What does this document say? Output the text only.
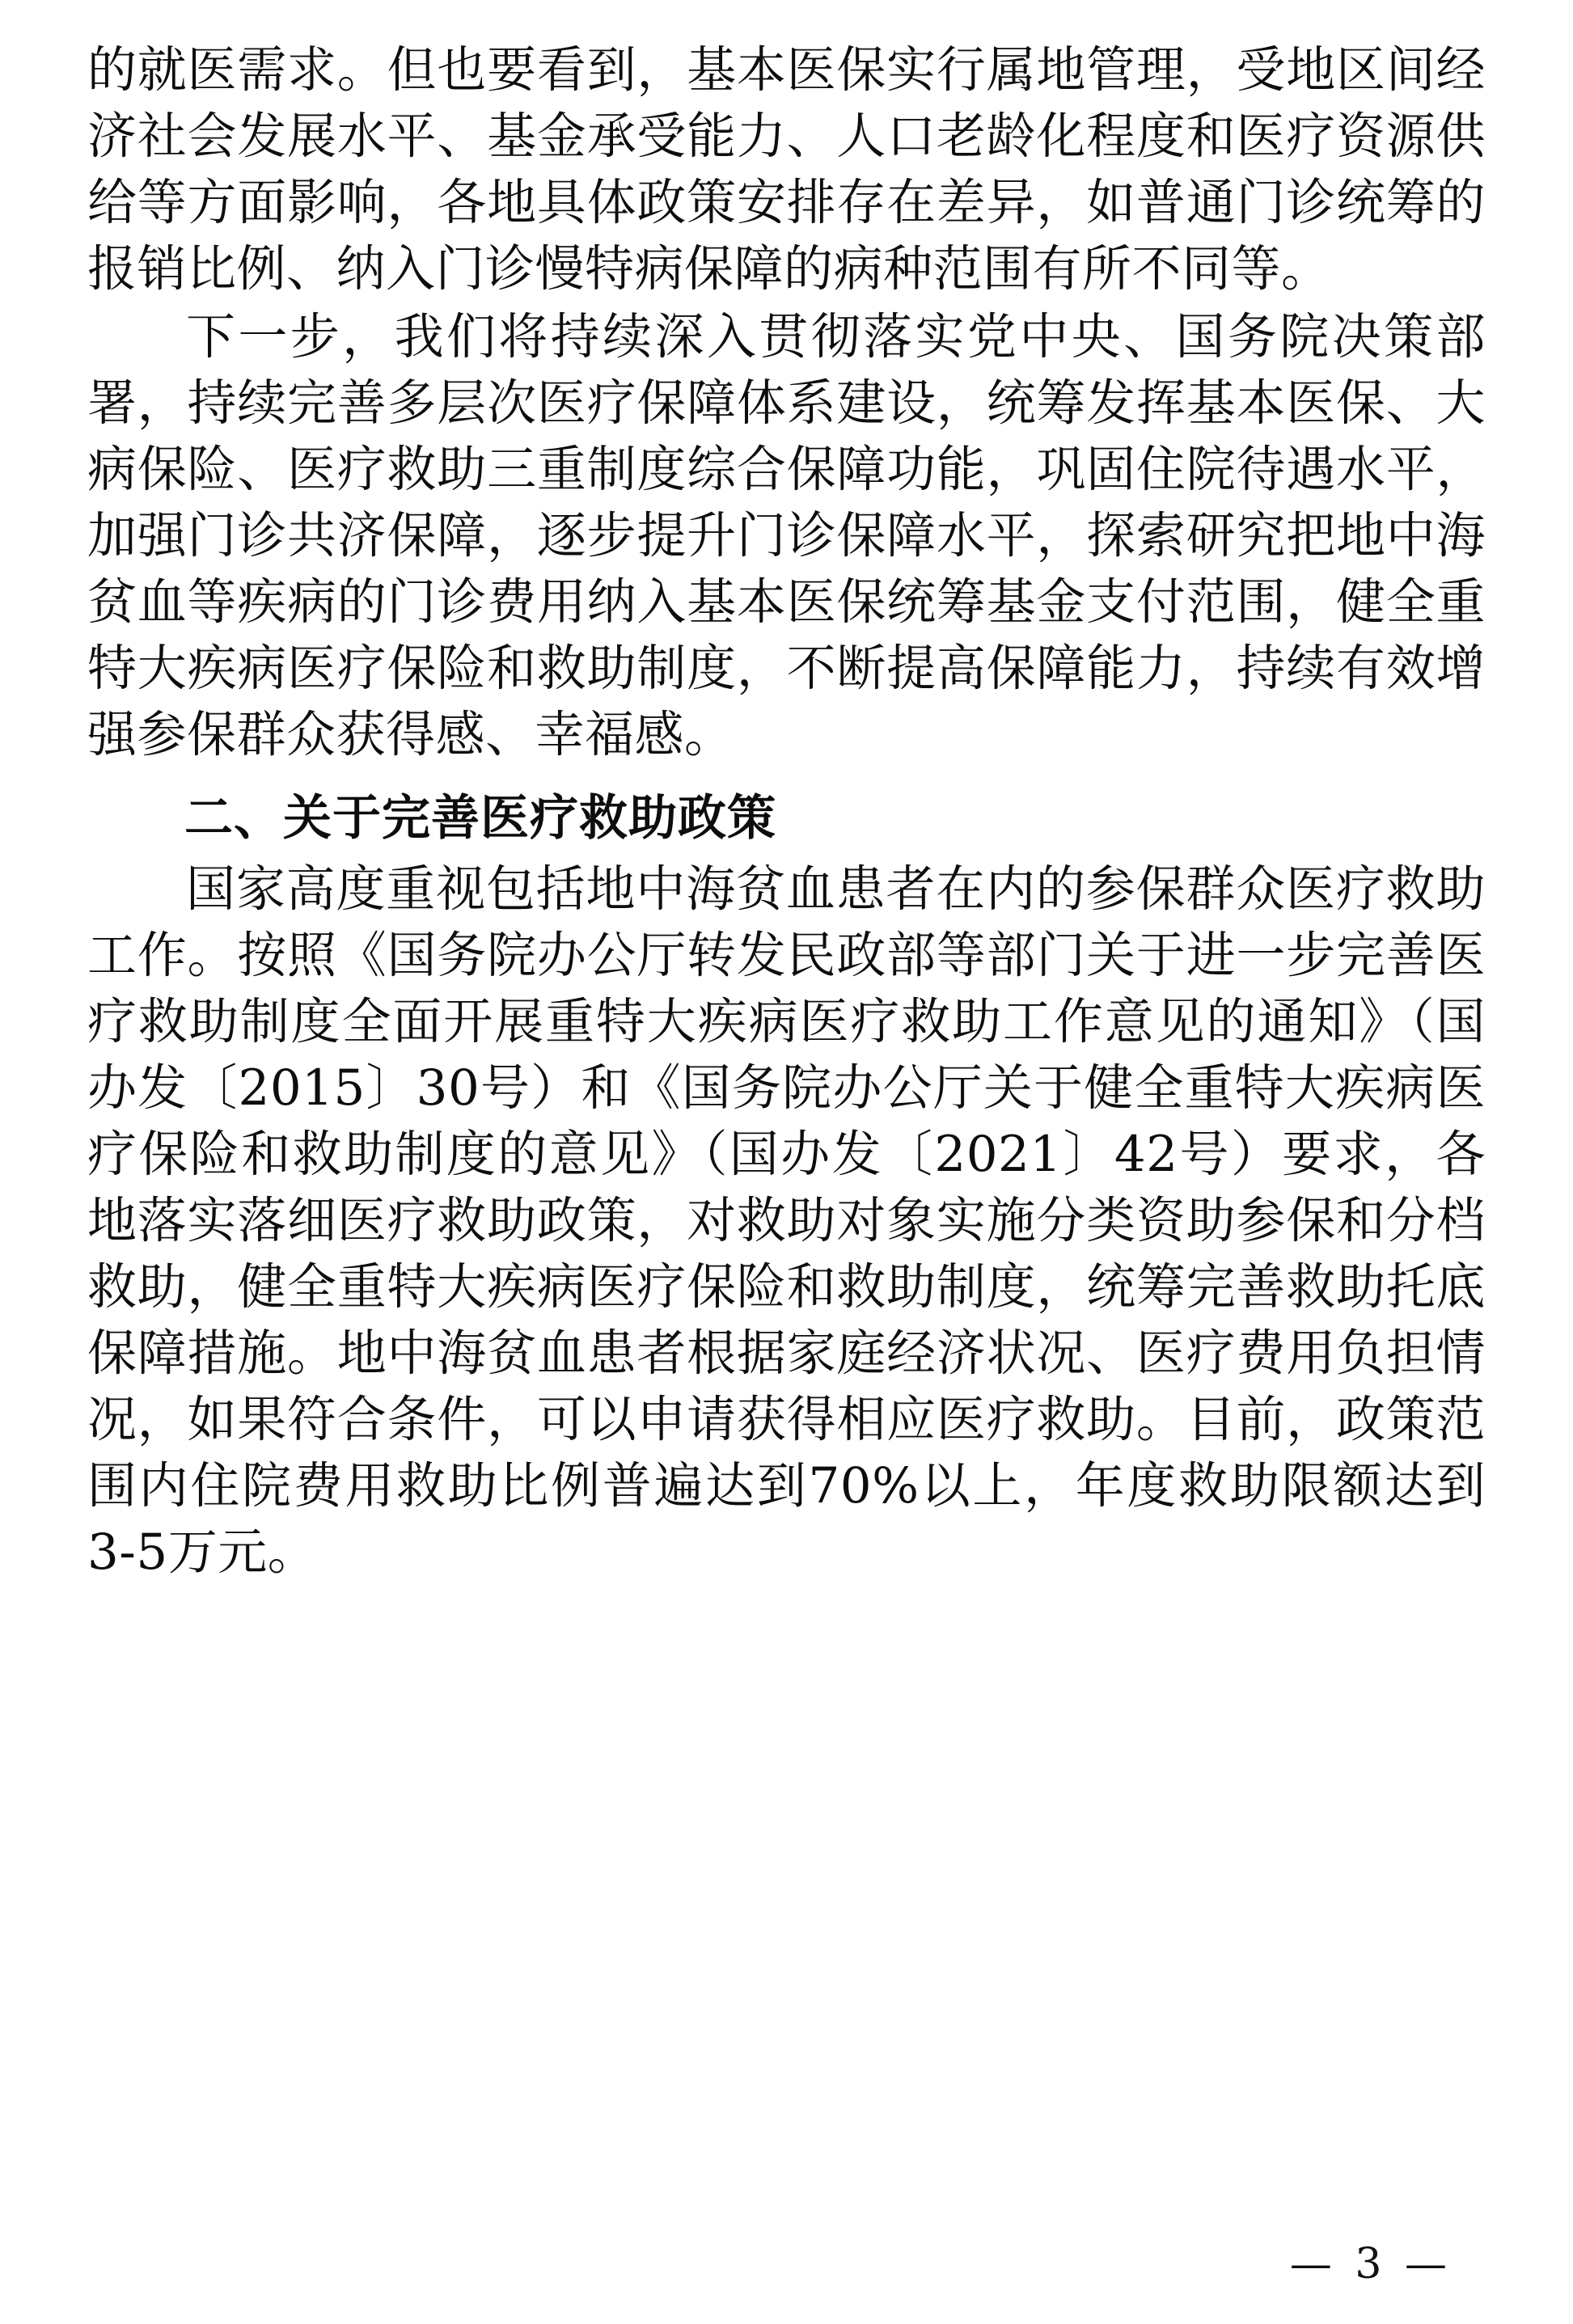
的就医需求。但也要看到，基本医保实行属地管理，受地区间经济社会发展水平、基金承受能力、人口老龄化程度和医疗资源供给等方面影响，各地具体政策安排存在差异，如普通门诊统筹的报销比例、纳入门诊慢特病保障的病种范围有所不同等。

下一步，我们将持续深入贯彻落实党中央、国务院决策部署，持续完善多层次医疗保障体系建设，统筹发挥基本医保、大病保险、医疗救助三重制度综合保障功能，巩固住院待遇水平，加强门诊共济保障，逐步提升门诊保障水平，探索研究把地中海贫血等疾病的门诊费用纳入基本医保统筹基金支付范围，健全重特大疾病医疗保险和救助制度，不断提高保障能力，持续有效增强参保群众获得感、幸福感。

二、关于完善医疗救助政策

国家高度重视包括地中海贫血患者在内的参保群众医疗救助工作。按照《国务院办公厅转发民政部等部门关于进一步完善医疗救助制度全面开展重特大疾病医疗救助工作意见的通知》（国办发〔2015〕30号）和《国务院办公厅关于健全重特大疾病医疗保险和救助制度的意见》（国办发〔2021〕42号）要求，各地落实落细医疗救助政策，对救助对象实施分类资助参保和分档救助，健全重特大疾病医疗保险和救助制度，统筹完善救助托底保障措施。地中海贫血患者根据家庭经济状况、医疗费用负担情况，如果符合条件，可以申请获得相应医疗救助。目前，政策范围内住院费用救助比例普遍达到70%以上，年度救助限额达到3-5万元。

— 3 —
